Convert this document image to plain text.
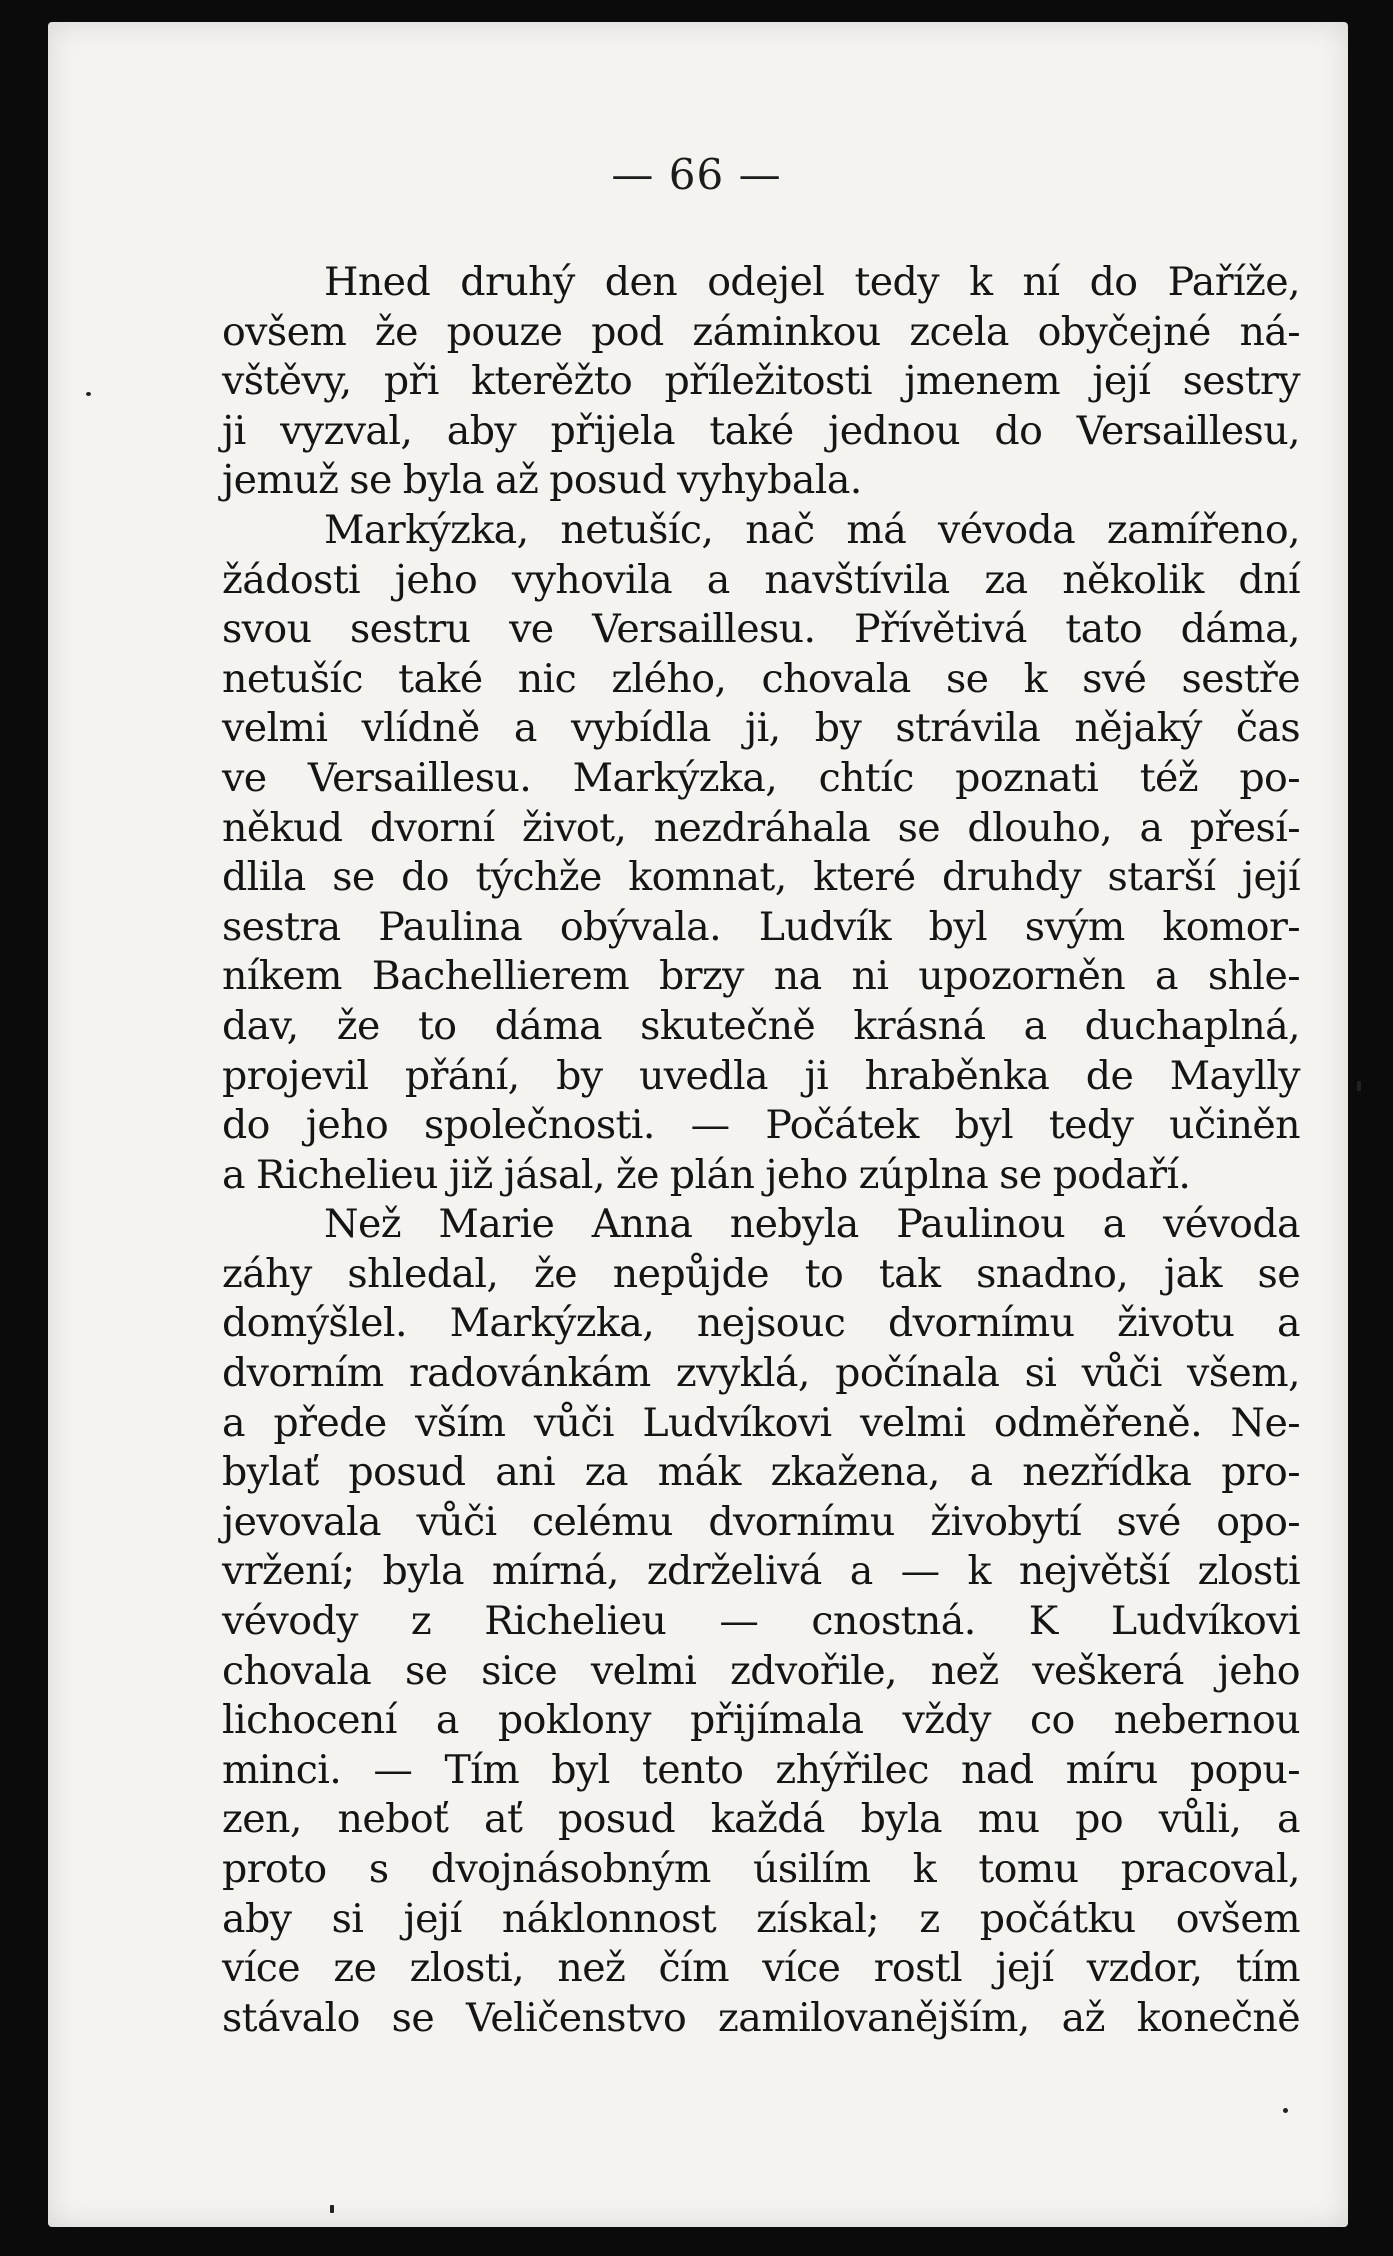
— 66 —
Hned druhý den odejel tedy k ní do Paříže,
ovšem že pouze pod záminkou zcela obyčejné ná-
vštěvy, při kterěžto příležitosti jmenem její sestry
ji vyzval, aby přijela také jednou do Versaillesu,
jemuž se byla až posud vyhybala.
Markýzka, netušíc, nač má vévoda zamířeno,
žádosti jeho vyhovila a navštívila za několik dní
svou sestru ve Versaillesu. Přívětivá tato dáma,
netušíc také nic zlého, chovala se k své sestře
velmi vlídně a vybídla ji, by strávila nějaký čas
ve Versaillesu. Markýzka, chtíc poznati též po-
někud dvorní život, nezdráhala se dlouho, a přesí-
dlila se do týchže komnat, které druhdy starší její
sestra Paulina obývala. Ludvík byl svým komor-
níkem Bachellierem brzy na ni upozorněn a shle-
dav, že to dáma skutečně krásná a duchaplná,
projevil přání, by uvedla ji hraběnka de Maylly
do jeho společnosti. — Počátek byl tedy učiněn
a Richelieu již jásal, že plán jeho zúplna se podaří.
Než Marie Anna nebyla Paulinou a vévoda
záhy shledal, že nepůjde to tak snadno, jak se
domýšlel. Markýzka, nejsouc dvornímu životu a
dvorním radovánkám zvyklá, počínala si vůči všem,
a přede vším vůči Ludvíkovi velmi odměřeně. Ne-
bylať posud ani za mák zkažena, a nezřídka pro-
jevovala vůči celému dvornímu živobytí své opo-
vržení; byla mírná, zdrželivá a — k největší zlosti
vévody z Richelieu — cnostná. K Ludvíkovi
chovala se sice velmi zdvořile, než veškerá jeho
lichocení a poklony přijímala vždy co nebernou
minci. — Tím byl tento zhýřilec nad míru popu-
zen, neboť ať posud každá byla mu po vůli, a
proto s dvojnásobným úsilím k tomu pracoval,
aby si její náklonnost získal; z počátku ovšem
více ze zlosti, než čím více rostl její vzdor, tím
stávalo se Veličenstvo zamilovanějším, až konečně
